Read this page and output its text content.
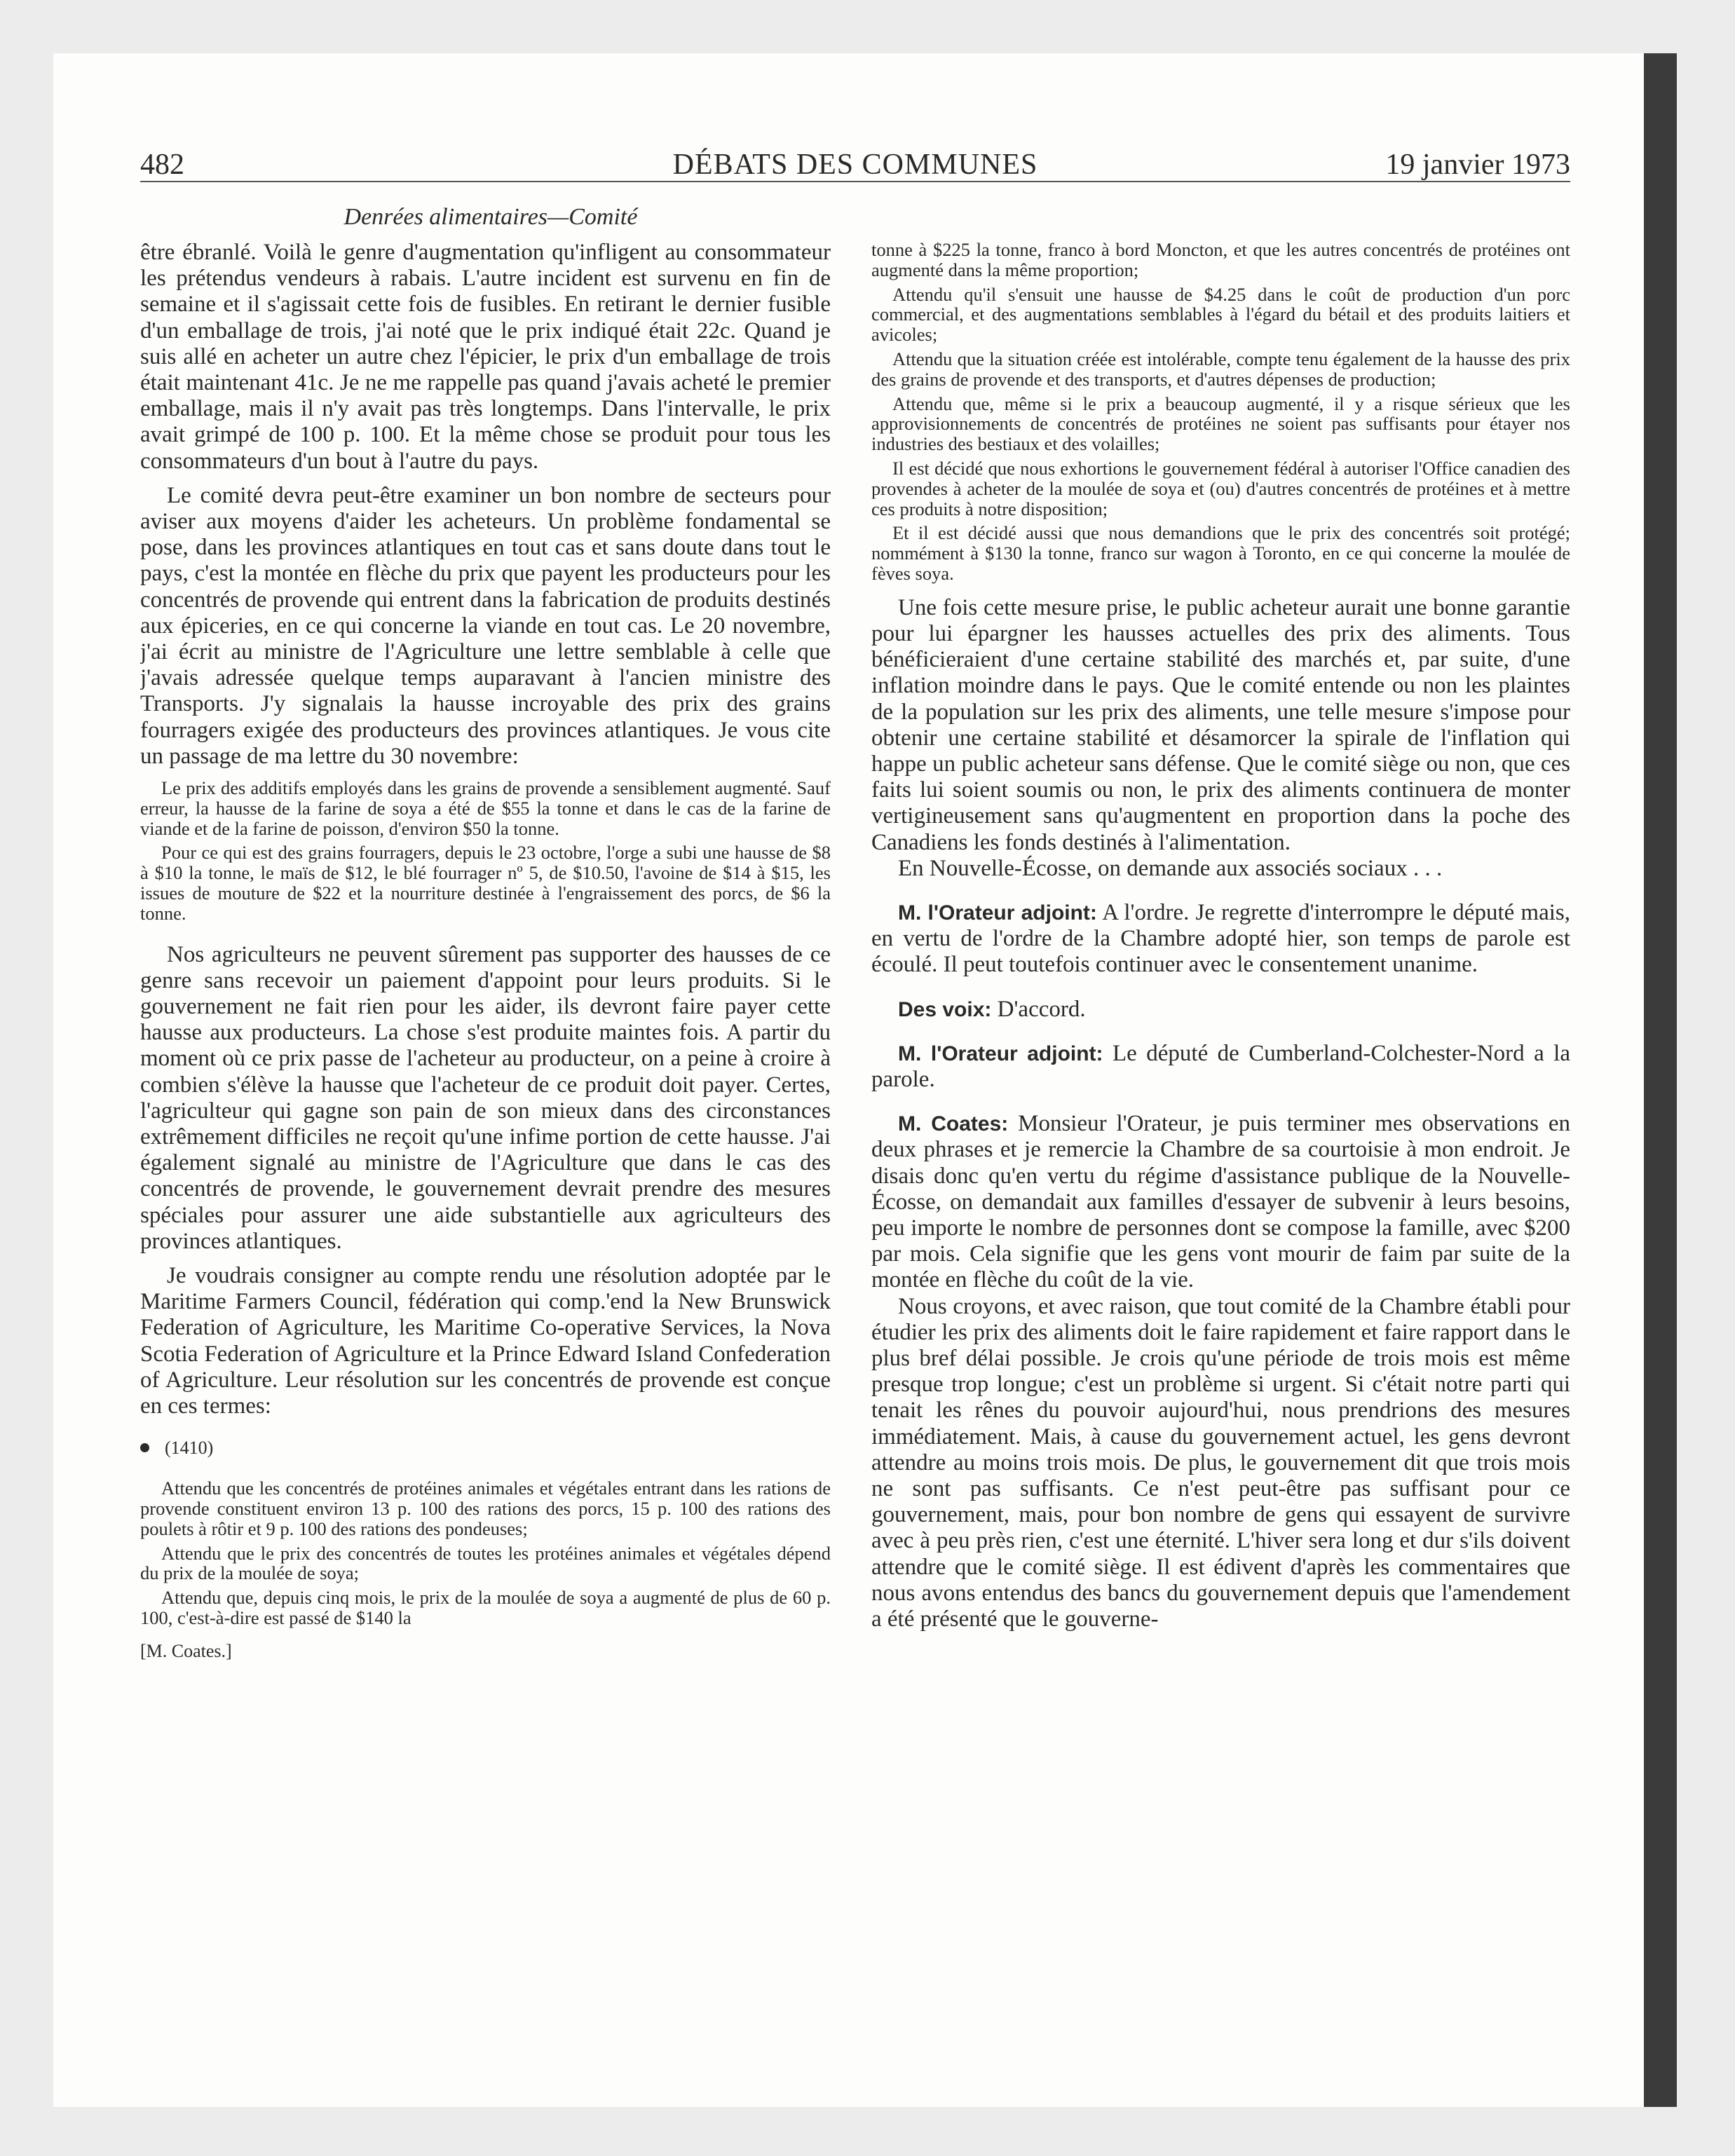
482	DÉBATS DES COMMUNES	19 janvier 1973
Denrées alimentaires—Comité

être ébranlé. Voilà le genre d'augmentation qu'infligent au consommateur les prétendus vendeurs à rabais. L'autre incident est survenu en fin de semaine et il s'agissait cette fois de fusibles. En retirant le dernier fusible d'un emballage de trois, j'ai noté que le prix indiqué était 22c. Quand je suis allé en acheter un autre chez l'épicier, le prix d'un emballage de trois était maintenant 41c. Je ne me rappelle pas quand j'avais acheté le premier emballage, mais il n'y avait pas très longtemps. Dans l'intervalle, le prix avait grimpé de 100 p. 100. Et la même chose se produit pour tous les consommateurs d'un bout à l'autre du pays.

Le comité devra peut-être examiner un bon nombre de secteurs pour aviser aux moyens d'aider les acheteurs. Un problème fondamental se pose, dans les provinces atlantiques en tout cas et sans doute dans tout le pays, c'est la montée en flèche du prix que payent les producteurs pour les concentrés de provende qui entrent dans la fabrication de produits destinés aux épiceries, en ce qui concerne la viande en tout cas. Le 20 novembre, j'ai écrit au ministre de l'Agriculture une lettre semblable à celle que j'avais adressée quelque temps auparavant à l'ancien ministre des Transports. J'y signalais la hausse incroyable des prix des grains fourragers exigée des producteurs des provinces atlantiques. Je vous cite un passage de ma lettre du 30 novembre:

Le prix des additifs employés dans les grains de provende a sensiblement augmenté. Sauf erreur, la hausse de la farine de soya a été de $55 la tonne et dans le cas de la farine de viande et de la farine de poisson, d'environ $50 la tonne.

Pour ce qui est des grains fourragers, depuis le 23 octobre, l'orge a subi une hausse de $8 à $10 la tonne, le maïs de $12, le blé fourrager nº 5, de $10.50, l'avoine de $14 à $15, les issues de mouture de $22 et la nourriture destinée à l'engraissement des porcs, de $6 la tonne.

Nos agriculteurs ne peuvent sûrement pas supporter des hausses de ce genre sans recevoir un paiement d'appoint pour leurs produits. Si le gouvernement ne fait rien pour les aider, ils devront faire payer cette hausse aux producteurs. La chose s'est produite maintes fois. A partir du moment où ce prix passe de l'acheteur au producteur, on a peine à croire à combien s'élève la hausse que l'acheteur de ce produit doit payer. Certes, l'agriculteur qui gagne son pain de son mieux dans des circonstances extrêmement difficiles ne reçoit qu'une infime portion de cette hausse. J'ai également signalé au ministre de l'Agriculture que dans le cas des concentrés de provende, le gouvernement devrait prendre des mesures spéciales pour assurer une aide substantielle aux agriculteurs des provinces atlantiques.

Je voudrais consigner au compte rendu une résolution adoptée par le Maritime Farmers Council, fédération qui comp.'end la New Brunswick Federation of Agriculture, les Maritime Co-operative Services, la Nova Scotia Federation of Agriculture et la Prince Edward Island Confederation of Agriculture. Leur résolution sur les concentrés de provende est conçue en ces termes:

(1410)

Attendu que les concentrés de protéines animales et végétales entrant dans les rations de provende constituent environ 13 p. 100 des rations des porcs, 15 p. 100 des rations des poulets à rôtir et 9 p. 100 des rations des pondeuses;

Attendu que le prix des concentrés de toutes les protéines animales et végétales dépend du prix de la moulée de soya;

Attendu que, depuis cinq mois, le prix de la moulée de soya a augmenté de plus de 60 p. 100, c'est-à-dire est passé de $140 la

[M. Coates.]

tonne à $225 la tonne, franco à bord Moncton, et que les autres concentrés de protéines ont augmenté dans la même proportion;

Attendu qu'il s'ensuit une hausse de $4.25 dans le coût de production d'un porc commercial, et des augmentations semblables à l'égard du bétail et des produits laitiers et avicoles;

Attendu que la situation créée est intolérable, compte tenu également de la hausse des prix des grains de provende et des transports, et d'autres dépenses de production;

Attendu que, même si le prix a beaucoup augmenté, il y a risque sérieux que les approvisionnements de concentrés de protéines ne soient pas suffisants pour étayer nos industries des bestiaux et des volailles;

Il est décidé que nous exhortions le gouvernement fédéral à autoriser l'Office canadien des provendes à acheter de la moulée de soya et (ou) d'autres concentrés de protéines et à mettre ces produits à notre disposition;

Et il est décidé aussi que nous demandions que le prix des concentrés soit protégé; nommément à $130 la tonne, franco sur wagon à Toronto, en ce qui concerne la moulée de fèves soya.

Une fois cette mesure prise, le public acheteur aurait une bonne garantie pour lui épargner les hausses actuelles des prix des aliments. Tous bénéficieraient d'une certaine stabilité des marchés et, par suite, d'une inflation moindre dans le pays. Que le comité entende ou non les plaintes de la population sur les prix des aliments, une telle mesure s'impose pour obtenir une certaine stabilité et désamorcer la spirale de l'inflation qui happe un public acheteur sans défense. Que le comité siège ou non, que ces faits lui soient soumis ou non, le prix des aliments continuera de monter vertigineusement sans qu'augmentent en proportion dans la poche des Canadiens les fonds destinés à l'alimentation.

En Nouvelle-Écosse, on demande aux associés sociaux . . .

M. l'Orateur adjoint: A l'ordre. Je regrette d'interrompre le député mais, en vertu de l'ordre de la Chambre adopté hier, son temps de parole est écoulé. Il peut toutefois continuer avec le consentement unanime.

Des voix: D'accord.

M. l'Orateur adjoint: Le député de Cumberland-Colchester-Nord a la parole.

M. Coates: Monsieur l'Orateur, je puis terminer mes observations en deux phrases et je remercie la Chambre de sa courtoisie à mon endroit. Je disais donc qu'en vertu du régime d'assistance publique de la Nouvelle-Écosse, on demandait aux familles d'essayer de subvenir à leurs besoins, peu importe le nombre de personnes dont se compose la famille, avec $200 par mois. Cela signifie que les gens vont mourir de faim par suite de la montée en flèche du coût de la vie.

Nous croyons, et avec raison, que tout comité de la Chambre établi pour étudier les prix des aliments doit le faire rapidement et faire rapport dans le plus bref délai possible. Je crois qu'une période de trois mois est même presque trop longue; c'est un problème si urgent. Si c'était notre parti qui tenait les rênes du pouvoir aujourd'hui, nous prendrions des mesures immédiatement. Mais, à cause du gouvernement actuel, les gens devront attendre au moins trois mois. De plus, le gouvernement dit que trois mois ne sont pas suffisants. Ce n'est peut-être pas suffisant pour ce gouvernement, mais, pour bon nombre de gens qui essayent de survivre avec à peu près rien, c'est une éternité. L'hiver sera long et dur s'ils doivent attendre que le comité siège. Il est édivent d'après les commentaires que nous avons entendus des bancs du gouvernement depuis que l'amendement a été présenté que le gouverne-
